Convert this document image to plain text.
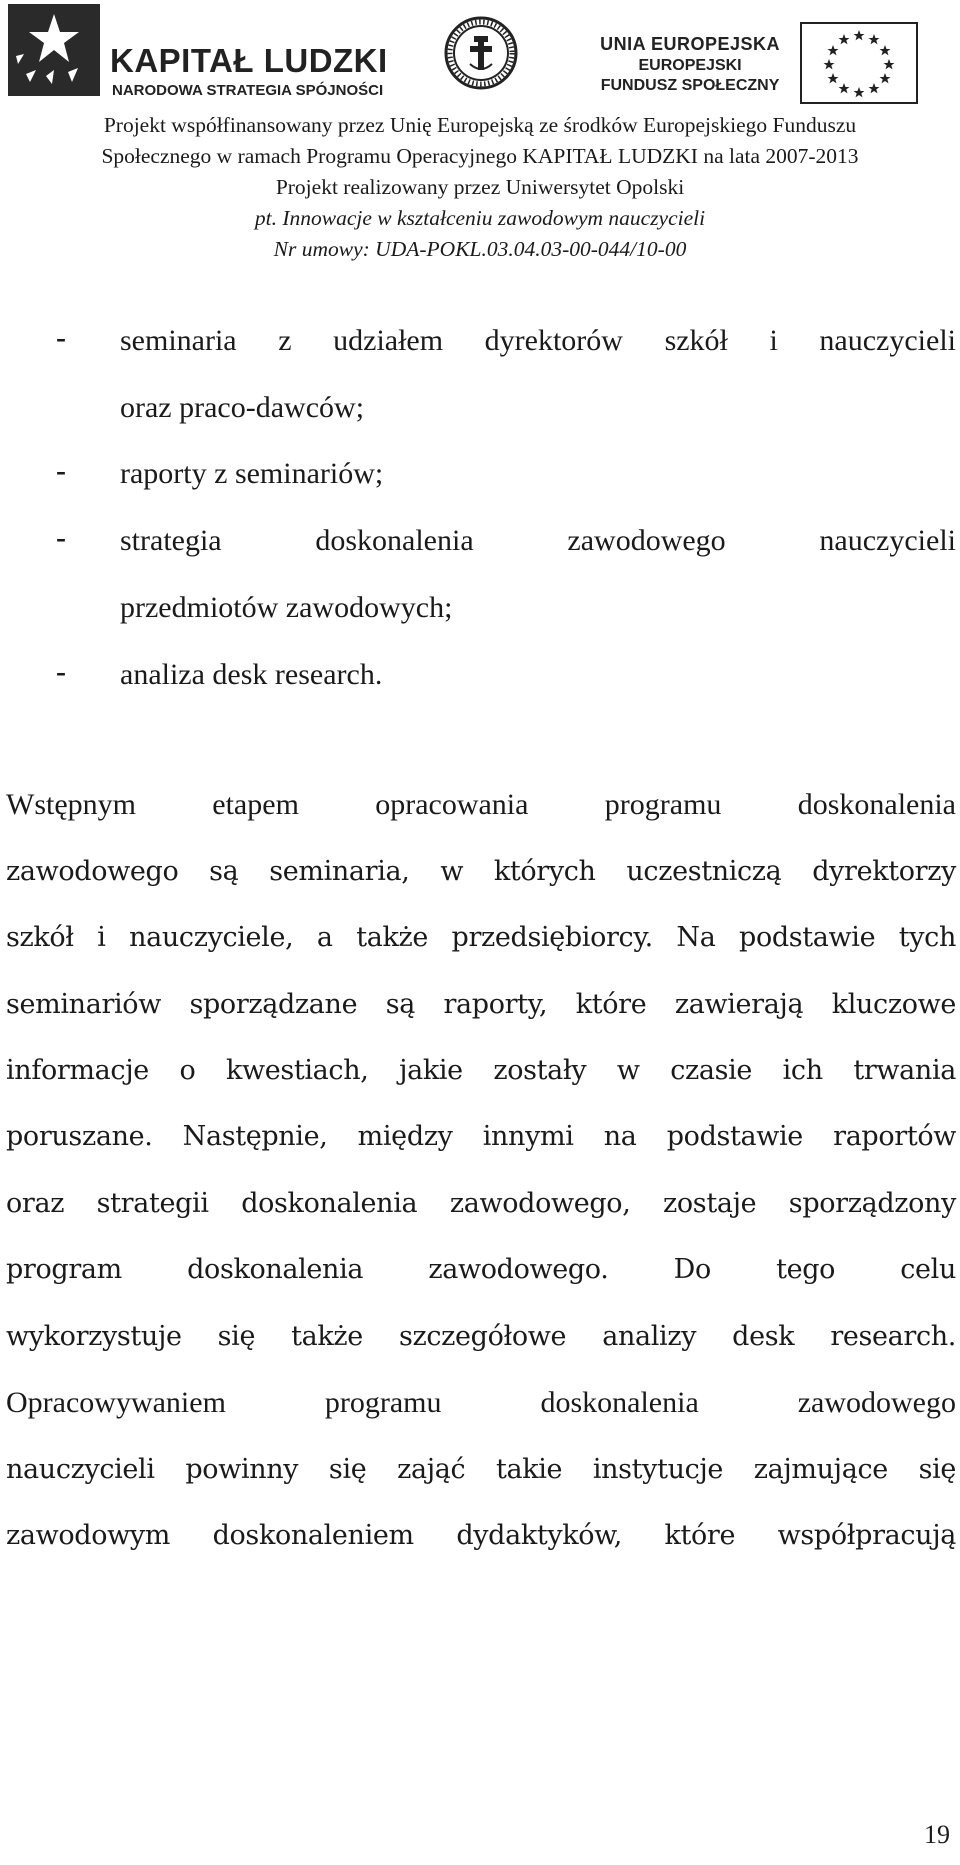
KAPITAŁ LUDZKI
NARODOWA STRATEGIA SPÓJNOŚCI
UNIA EUROPEJSKA
EUROPEJSKI
FUNDUSZ SPOŁECZNY
Projekt współfinansowany przez Unię Europejską ze środków Europejskiego Funduszu
Społecznego w ramach Programu Operacyjnego KAPITAŁ LUDZKI na lata 2007-2013
Projekt realizowany przez Uniwersytet Opolski
pt. Innowacje w kształceniu zawodowym nauczycieli
Nr umowy: UDA-POKL.03.04.03-00-044/10-00
- seminaria z udziałem dyrektorów szkół i nauczycieli
oraz praco-dawców;
- raporty z seminariów;
- strategia doskonalenia zawodowego nauczycieli
przedmiotów zawodowych;
- analiza desk research.
Wstępnym etapem opracowania programu doskonalenia
zawodowego są seminaria, w których uczestniczą dyrektorzy
szkół i nauczyciele, a także przedsiębiorcy. Na podstawie tych
seminariów sporządzane są raporty, które zawierają kluczowe
informacje o kwestiach, jakie zostały w czasie ich trwania
poruszane. Następnie, między innymi na podstawie raportów
oraz strategii doskonalenia zawodowego, zostaje sporządzony
program doskonalenia zawodowego. Do tego celu
wykorzystuje się także szczegółowe analizy desk research.
Opracowywaniem programu doskonalenia zawodowego
nauczycieli powinny się zająć takie instytucje zajmujące się
zawodowym doskonaleniem dydaktyków, które współpracują
19
